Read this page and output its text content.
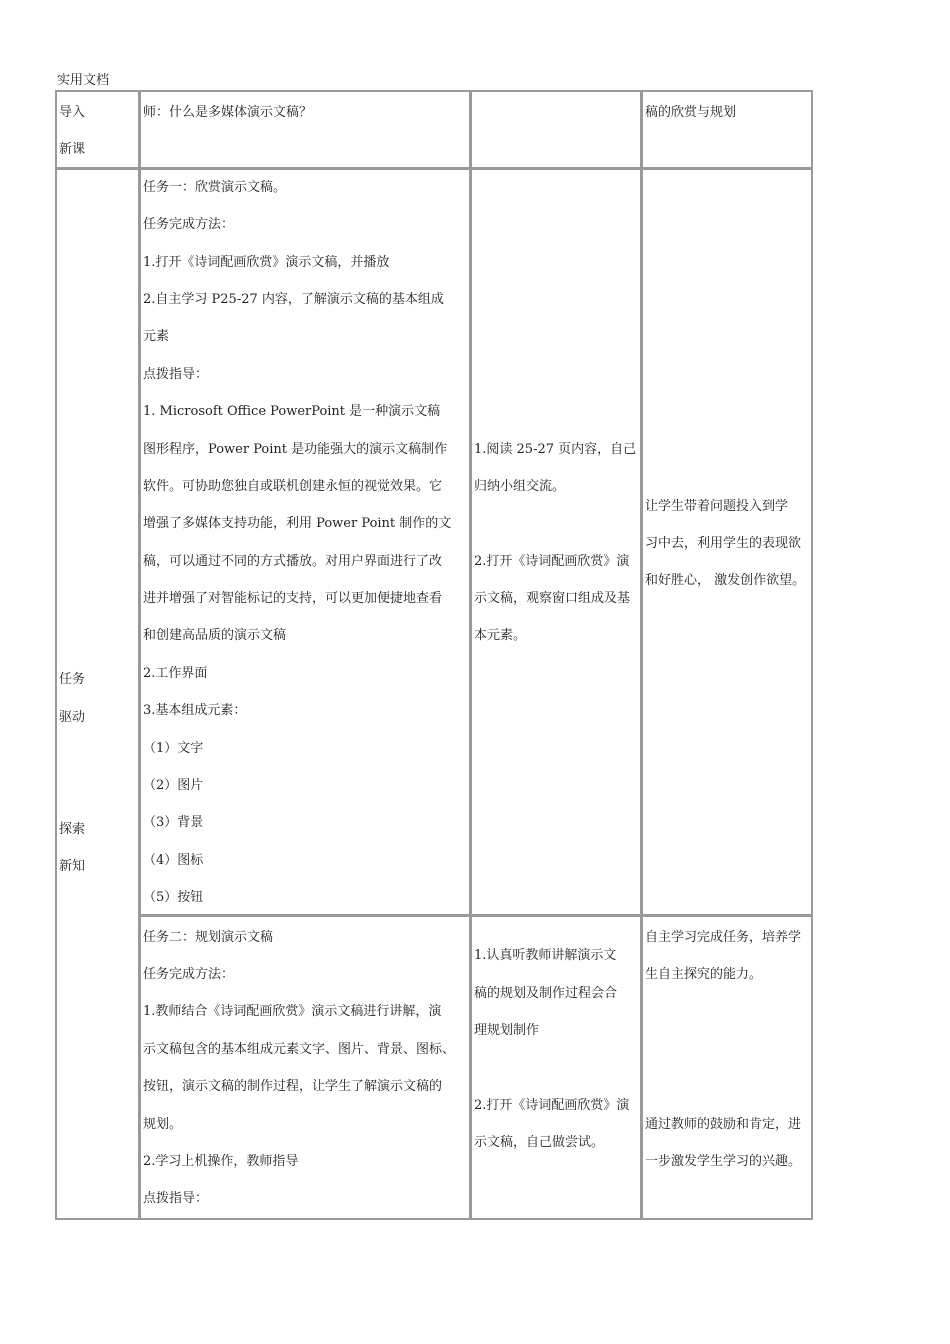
实用文档
导入
新课
师：什么是多媒体演示文稿？	稿的欣赏与规划
任务
驱动
探索
新知
任务一：欣赏演示文稿。
任务完成方法：
1.打开《诗词配画欣赏》演示文稿，并播放
2.自主学习 P25-27 内容，了解演示文稿的基本组成
元素
点拨指导：
1. Microsoft Office PowerPoint 是一种演示文稿
图形程序，Power Point 是功能强大的演示文稿制作
软件。可协助您独自或联机创建永恒的视觉效果。它
增强了多媒体支持功能，利用 Power Point 制作的文
稿，可以通过不同的方式播放。对用户界面进行了改
进并增强了对智能标记的支持，可以更加便捷地查看
和创建高品质的演示文稿
2.工作界面
3.基本组成元素：
（1）文字
（2）图片
（3）背景
（4）图标
（5）按钮
1.阅读 25-27 页内容，自己
归纳小组交流。
2.打开《诗词配画欣赏》演
示文稿，观察窗口组成及基
本元素。
让学生带着问题投入到学
习中去，利用学生的表现欲
和好胜心， 激发创作欲望。
任务二：规划演示文稿
任务完成方法：
1.教师结合《诗词配画欣赏》演示文稿进行讲解，演
示文稿包含的基本组成元素文字、图片、背景、图标、
按钮，演示文稿的制作过程，让学生了解演示文稿的
规划。
2.学习上机操作，教师指导
点拨指导：
1.认真听教师讲解演示文
稿的规划及制作过程会合
理规划制作
2.打开《诗词配画欣赏》演
示文稿，自己做尝试。
自主学习完成任务，培养学
生自主探究的能力。
通过教师的鼓励和肯定，进
一步激发学生学习的兴趣。
